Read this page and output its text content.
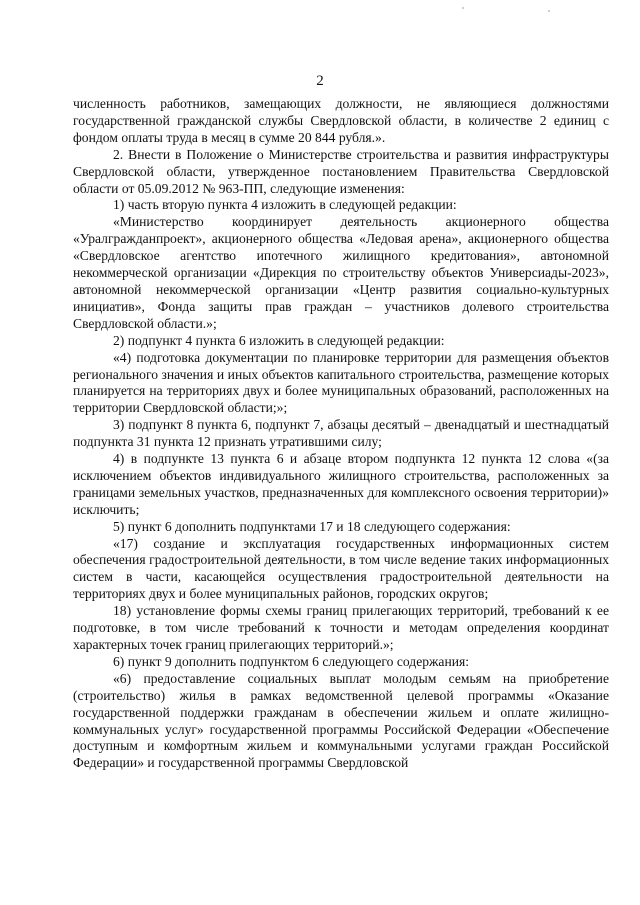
2

численность работников, замещающих должности, не являющиеся должностями государственной гражданской службы Свердловской области, в количестве 2 единиц с фондом оплаты труда в месяц в сумме 20 844 рубля.».

2. Внести в Положение о Министерстве строительства и развития инфраструктуры Свердловской области, утвержденное постановлением Правительства Свердловской области от 05.09.2012 № 963-ПП, следующие изменения:

1) часть вторую пункта 4 изложить в следующей редакции:

«Министерство координирует деятельность акционерного общества «Уралгражданпроект», акционерного общества «Ледовая арена», акционерного общества «Свердловское агентство ипотечного жилищного кредитования», автономной некоммерческой организации «Дирекция по строительству объектов Универсиады-2023», автономной некоммерческой организации «Центр развития социально-культурных инициатив», Фонда защиты прав граждан – участников долевого строительства Свердловской области.»;

2) подпункт 4 пункта 6 изложить в следующей редакции:

«4) подготовка документации по планировке территории для размещения объектов регионального значения и иных объектов капитального строительства, размещение которых планируется на территориях двух и более муниципальных образований, расположенных на территории Свердловской области;»;

3) подпункт 8 пункта 6, подпункт 7, абзацы десятый – двенадцатый и шестнадцатый подпункта 31 пункта 12 признать утратившими силу;

4) в подпункте 13 пункта 6 и абзаце втором подпункта 12 пункта 12 слова «(за исключением объектов индивидуального жилищного строительства, расположенных за границами земельных участков, предназначенных для комплексного освоения территории)» исключить;

5) пункт 6 дополнить подпунктами 17 и 18 следующего содержания:

«17) создание и эксплуатация государственных информационных систем обеспечения градостроительной деятельности, в том числе ведение таких информационных систем в части, касающейся осуществления градостроительной деятельности на территориях двух и более муниципальных районов, городских округов;

18) установление формы схемы границ прилегающих территорий, требований к ее подготовке, в том числе требований к точности и методам определения координат характерных точек границ прилегающих территорий.»;

6) пункт 9 дополнить подпунктом 6 следующего содержания:

«6) предоставление социальных выплат молодым семьям на приобретение (строительство) жилья в рамках ведомственной целевой программы «Оказание государственной поддержки гражданам в обеспечении жильем и оплате жилищно-коммунальных услуг» государственной программы Российской Федерации «Обеспечение доступным и комфортным жильем и коммунальными услугами граждан Российской Федерации» и государственной программы Свердловской
